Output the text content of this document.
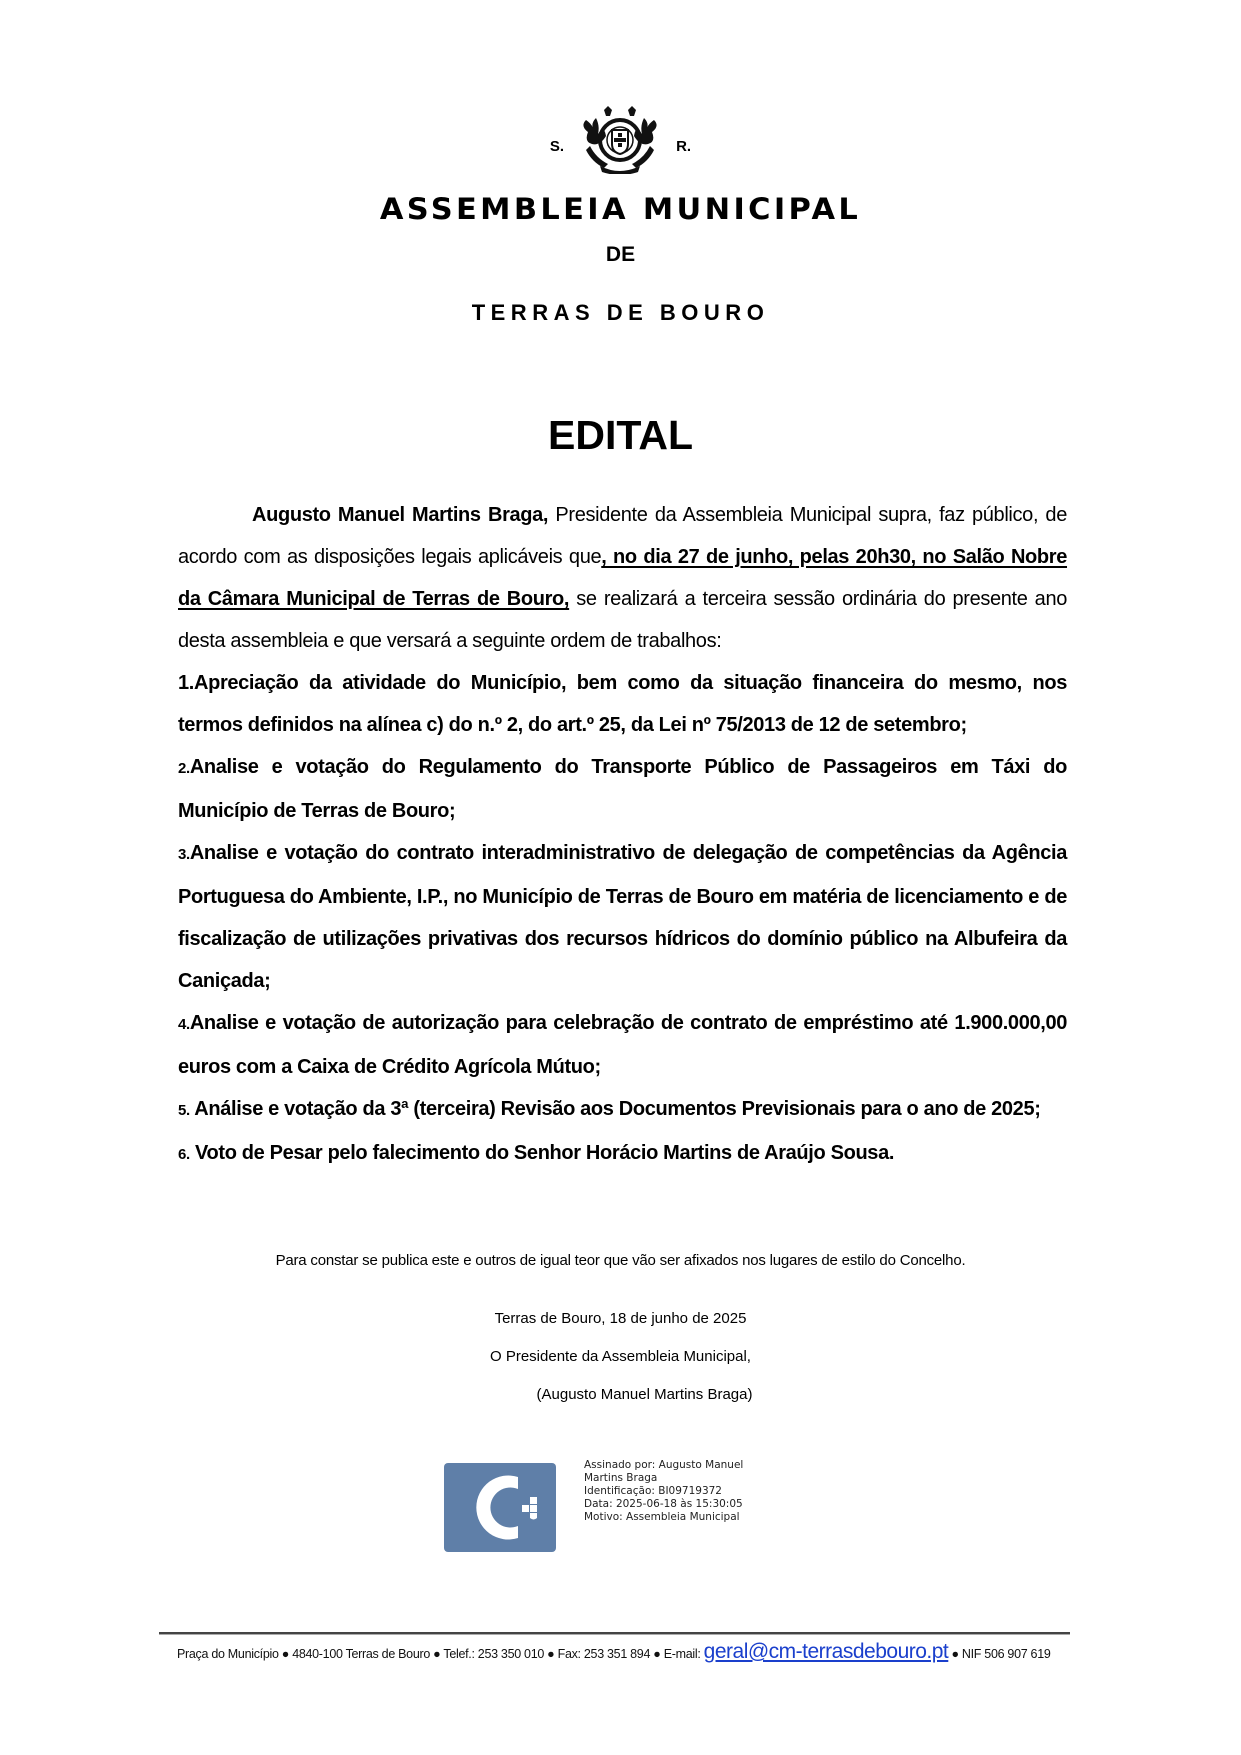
S.	R.
ASSEMBLEIA MUNICIPAL
DE
TERRAS DE BOURO
EDITAL

Augusto Manuel Martins Braga, Presidente da Assembleia Municipal supra, faz público, de acordo com as disposições legais aplicáveis que, no dia 27 de junho, pelas 20h30, no Salão Nobre da Câmara Municipal de Terras de Bouro, se realizará a terceira sessão ordinária do presente ano desta assembleia e que versará a seguinte ordem de trabalhos:

1.Apreciação da atividade do Município, bem como da situação financeira do mesmo, nos termos definidos na alínea c) do n.º 2, do art.º 25, da Lei nº 75/2013 de 12 de setembro;

2.Analise e votação do Regulamento do Transporte Público de Passageiros em Táxi do Município de Terras de Bouro;

3.Analise e votação do contrato interadministrativo de delegação de competências da Agência Portuguesa do Ambiente, I.P., no Município de Terras de Bouro em matéria de licenciamento e de fiscalização de utilizações privativas dos recursos hídricos do domínio público na Albufeira da Caniçada;

4.Analise e votação de autorização para celebração de contrato de empréstimo até 1.900.000,00 euros com a Caixa de Crédito Agrícola Mútuo;

5. Análise e votação da 3ª (terceira) Revisão aos Documentos Previsionais para o ano de 2025;

6. Voto de Pesar pelo falecimento do Senhor Horácio Martins de Araújo Sousa.

Para constar se publica este e outros de igual teor que vão ser afixados nos lugares de estilo do Concelho.
Terras de Bouro, 18 de junho de 2025
O Presidente da Assembleia Municipal,
(Augusto Manuel Martins Braga)
Assinado por: Augusto Manuel
Martins Braga
Identificação: BI09719372
Data: 2025-06-18 às 15:30:05
Motivo: Assembleia Municipal
Praça do Município ● 4840-100 Terras de Bouro ● Telef.: 253 350 010 ● Fax: 253 351 894 ● E-mail: geral@cm-terrasdebouro.pt ● NIF 506 907 619
